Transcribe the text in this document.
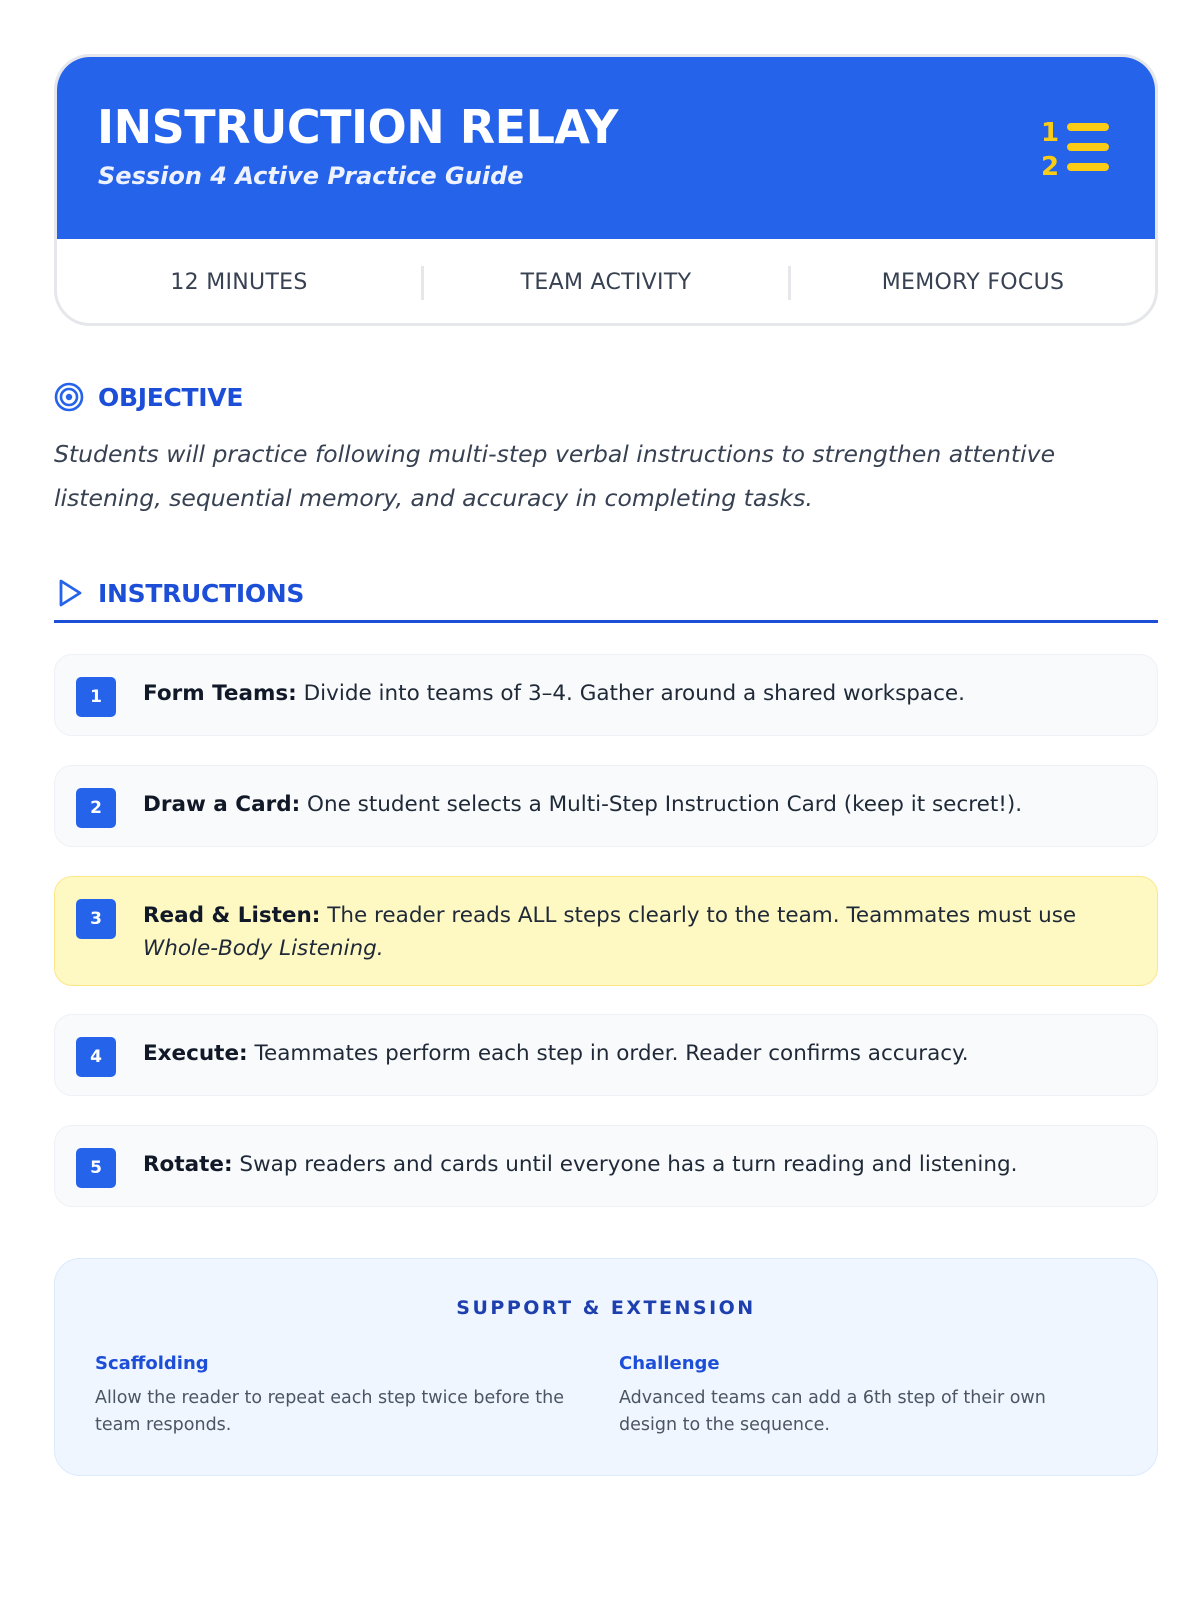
INSTRUCTION RELAY
Session 4 Active Practice Guide
1
2
12 MINUTES	TEAM ACTIVITY	MEMORY FOCUS
OBJECTIVE
Students will practice following multi-step verbal instructions to strengthen attentive listening, sequential memory, and accuracy in completing tasks.
INSTRUCTIONS
1	Form Teams: Divide into teams of 3–4. Gather around a shared workspace.
2	Draw a Card: One student selects a Multi-Step Instruction Card (keep it secret!).
3	Read & Listen: The reader reads ALL steps clearly to the team. Teammates must use Whole-Body Listening.
4	Execute: Teammates perform each step in order. Reader confirms accuracy.
5	Rotate: Swap readers and cards until everyone has a turn reading and listening.
SUPPORT & EXTENSION
Scaffolding
Allow the reader to repeat each step twice before the team responds.
Challenge
Advanced teams can add a 6th step of their own design to the sequence.
